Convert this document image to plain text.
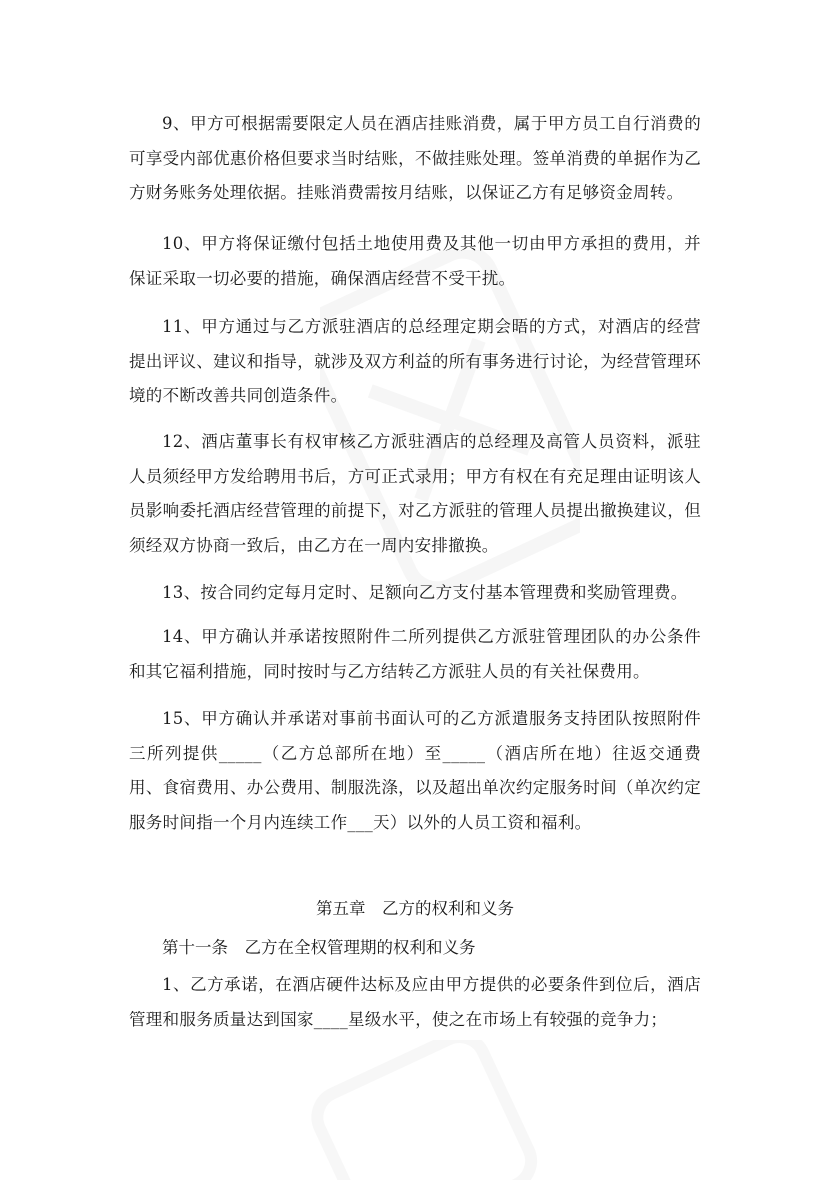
9、甲方可根据需要限定人员在酒店挂账消费，属于甲方员工自行消费的可享受内部优惠价格但要求当时结账，不做挂账处理。签单消费的单据作为乙方财务账务处理依据。挂账消费需按月结账，以保证乙方有足够资金周转。

10、甲方将保证缴付包括土地使用费及其他一切由甲方承担的费用，并保证采取一切必要的措施，确保酒店经营不受干扰。

11、甲方通过与乙方派驻酒店的总经理定期会晤的方式，对酒店的经营提出评议、建议和指导，就涉及双方利益的所有事务进行讨论，为经营管理环境的不断改善共同创造条件。

12、酒店董事长有权审核乙方派驻酒店的总经理及高管人员资料，派驻人员须经甲方发给聘用书后，方可正式录用；甲方有权在有充足理由证明该人员影响委托酒店经营管理的前提下，对乙方派驻的管理人员提出撤换建议，但须经双方协商一致后，由乙方在一周内安排撤换。

13、按合同约定每月定时、足额向乙方支付基本管理费和奖励管理费。

14、甲方确认并承诺按照附件二所列提供乙方派驻管理团队的办公条件和其它福利措施，同时按时与乙方结转乙方派驻人员的有关社保费用。

15、甲方确认并承诺对事前书面认可的乙方派遣服务支持团队按照附件三所列提供_____（乙方总部所在地）至_____（酒店所在地）往返交通费用、食宿费用、办公费用、制服洗涤，以及超出单次约定服务时间（单次约定服务时间指一个月内连续工作___天）以外的人员工资和福利。

第五章　乙方的权利和义务

第十一条　乙方在全权管理期的权利和义务

1、乙方承诺，在酒店硬件达标及应由甲方提供的必要条件到位后，酒店管理和服务质量达到国家____星级水平，使之在市场上有较强的竞争力；
